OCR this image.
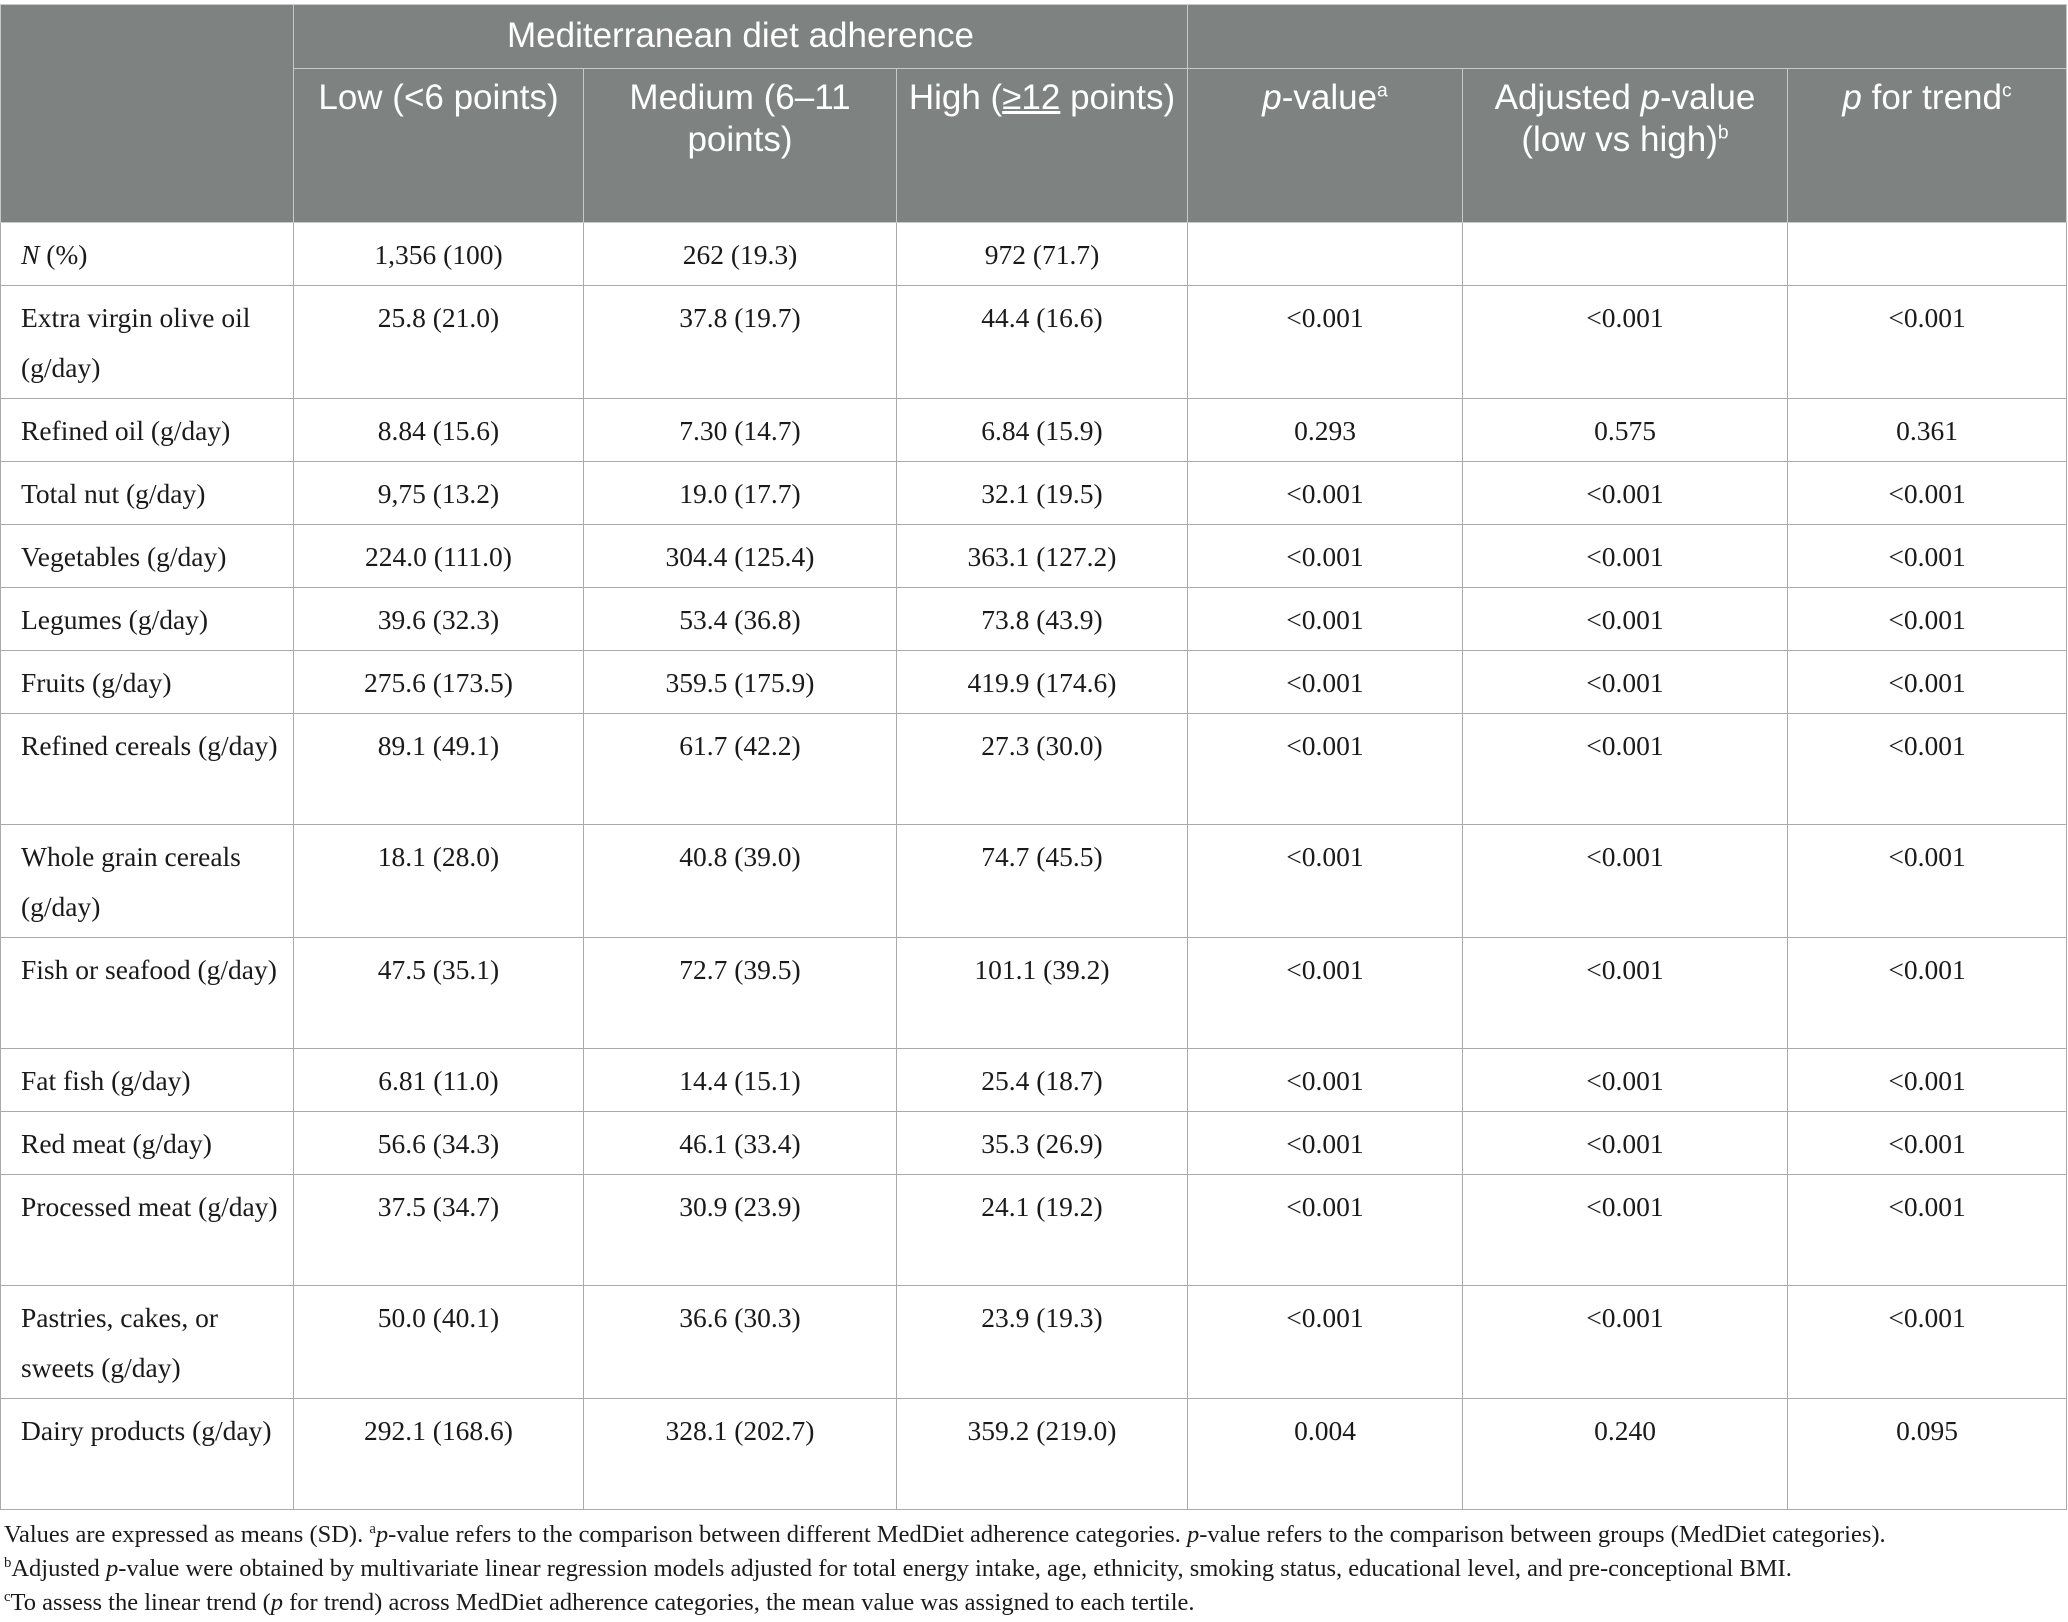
	Mediterranean diet adherence					
	Low (<6 points)	Medium (6–11 points)	High (≥12 points)	p-value$^a$	Adjusted p-value (low vs high)$^b$	p for trend$^c$
N (%)	1,356 (100)	262 (19.3)	972 (71.7)			
Extra virgin olive oil (g/day)	25.8 (21.0)	37.8 (19.7)	44.4 (16.6)	<0.001	<0.001	<0.001
Refined oil (g/day)	8.84 (15.6)	7.30 (14.7)	6.84 (15.9)	0.293	0.575	0.361
Total nut (g/day)	9,75 (13.2)	19.0 (17.7)	32.1 (19.5)	<0.001	<0.001	<0.001
Vegetables (g/day)	224.0 (111.0)	304.4 (125.4)	363.1 (127.2)	<0.001	<0.001	<0.001
Legumes (g/day)	39.6 (32.3)	53.4 (36.8)	73.8 (43.9)	<0.001	<0.001	<0.001
Fruits (g/day)	275.6 (173.5)	359.5 (175.9)	419.9 (174.6)	<0.001	<0.001	<0.001
Refined cereals (g/day)	89.1 (49.1)	61.7 (42.2)	27.3 (30.0)	<0.001	<0.001	<0.001
Whole grain cereals (g/day)	18.1 (28.0)	40.8 (39.0)	74.7 (45.5)	<0.001	<0.001	<0.001
Fish or seafood (g/day)	47.5 (35.1)	72.7 (39.5)	101.1 (39.2)	<0.001	<0.001	<0.001
Fat fish (g/day)	6.81 (11.0)	14.4 (15.1)	25.4 (18.7)	<0.001	<0.001	<0.001
Red meat (g/day)	56.6 (34.3)	46.1 (33.4)	35.3 (26.9)	<0.001	<0.001	<0.001
Processed meat (g/day)	37.5 (34.7)	30.9 (23.9)	24.1 (19.2)	<0.001	<0.001	<0.001
Pastries, cakes, or sweets (g/day)	50.0 (40.1)	36.6 (30.3)	23.9 (19.3)	<0.001	<0.001	<0.001
Dairy products (g/day)	292.1 (168.6)	328.1 (202.7)	359.2 (219.0)	0.004	0.240	0.095

Values are expressed as means (SD). $^a$p-value refers to the comparison between different MedDiet adherence categories. p-value refers to the comparison between groups (MedDiet categories).

$^b$Adjusted p-value were obtained by multivariate linear regression models adjusted for total energy intake, age, ethnicity, smoking status, educational level, and pre-conceptional BMI.

$^c$To assess the linear trend (p for trend) across MedDiet adherence categories, the mean value was assigned to each tertile.
